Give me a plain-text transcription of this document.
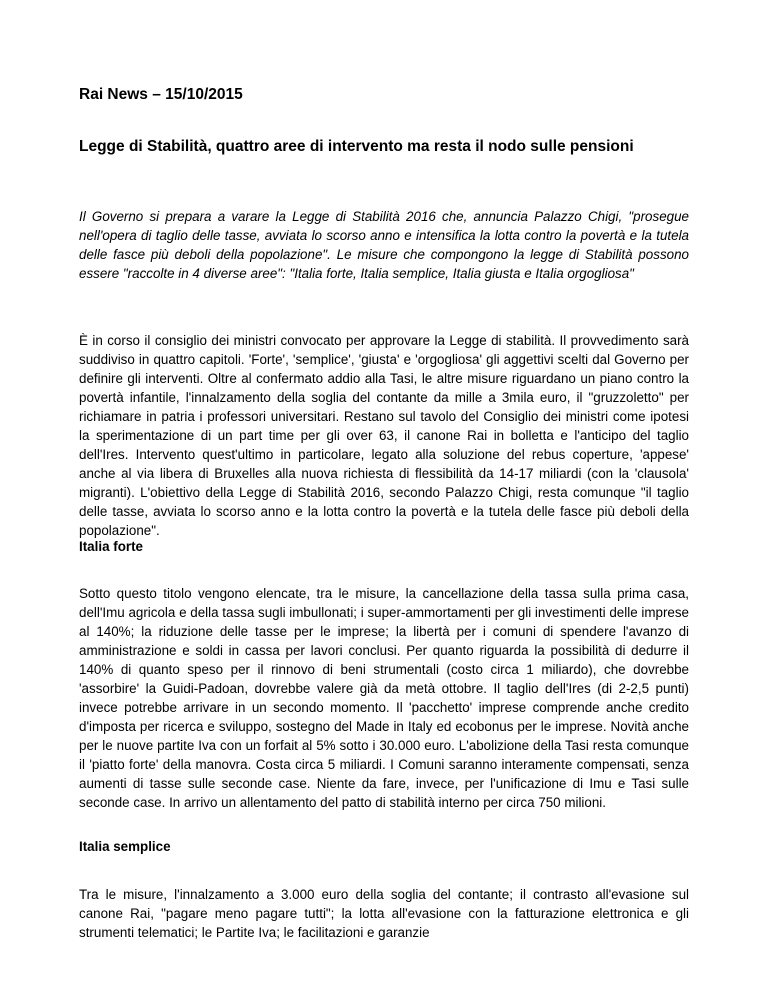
Rai News – 15/10/2015
Legge di Stabilità, quattro aree di intervento ma resta il nodo sulle pensioni

Il Governo si prepara a varare la Legge di Stabilità 2016 che, annuncia Palazzo Chigi, "prosegue nell'opera di taglio delle tasse, avviata lo scorso anno e intensifica la lotta contro la povertà e la tutela delle fasce più deboli della popolazione". Le misure che compongono la legge di Stabilità possono essere "raccolte in 4 diverse aree": "Italia forte, Italia semplice, Italia giusta e Italia orgogliosa"

È in corso il consiglio dei ministri convocato per approvare la Legge di stabilità. Il provvedimento sarà suddiviso in quattro capitoli. 'Forte', 'semplice', 'giusta' e 'orgogliosa' gli aggettivi scelti dal Governo per definire gli interventi. Oltre al confermato addio alla Tasi, le altre misure riguardano un piano contro la povertà infantile, l'innalzamento della soglia del contante da mille a 3mila euro, il "gruzzoletto" per richiamare in patria i professori universitari. Restano sul tavolo del Consiglio dei ministri come ipotesi la sperimentazione di un part time per gli over 63, il canone Rai in bolletta e l'anticipo del taglio dell'Ires. Intervento quest'ultimo in particolare, legato alla soluzione del rebus coperture, 'appese' anche al via libera di Bruxelles alla nuova richiesta di flessibilità da 14-17 miliardi (con la 'clausola' migranti). L'obiettivo della Legge di Stabilità 2016, secondo Palazzo Chigi, resta comunque "il taglio delle tasse, avviata lo scorso anno e la lotta contro la povertà e la tutela delle fasce più deboli della popolazione".

Italia forte

Sotto questo titolo vengono elencate, tra le misure, la cancellazione della tassa sulla prima casa, dell'Imu agricola e della tassa sugli imbullonati; i super-ammortamenti per gli investimenti delle imprese al 140%; la riduzione delle tasse per le imprese; la libertà per i comuni di spendere l'avanzo di amministrazione e soldi in cassa per lavori conclusi. Per quanto riguarda la possibilità di dedurre il 140% di quanto speso per il rinnovo di beni strumentali (costo circa 1 miliardo), che dovrebbe 'assorbire' la Guidi-Padoan, dovrebbe valere già da metà ottobre. Il taglio dell'Ires (di 2-2,5 punti) invece potrebbe arrivare in un secondo momento. Il 'pacchetto' imprese comprende anche credito d'imposta per ricerca e sviluppo, sostegno del Made in Italy ed ecobonus per le imprese. Novità anche per le nuove partite Iva con un forfait al 5% sotto i 30.000 euro. L'abolizione della Tasi resta comunque il 'piatto forte' della manovra. Costa circa 5 miliardi. I Comuni saranno interamente compensati, senza aumenti di tasse sulle seconde case. Niente da fare, invece, per l'unificazione di Imu e Tasi sulle seconde case. In arrivo un allentamento del patto di stabilità interno per circa 750 milioni.

Italia semplice

Tra le misure, l'innalzamento a 3.000 euro della soglia del contante; il contrasto all'evasione sul canone Rai, "pagare meno pagare tutti"; la lotta all'evasione con la fatturazione elettronica e gli strumenti telematici; le Partite Iva; le facilitazioni e garanzie
